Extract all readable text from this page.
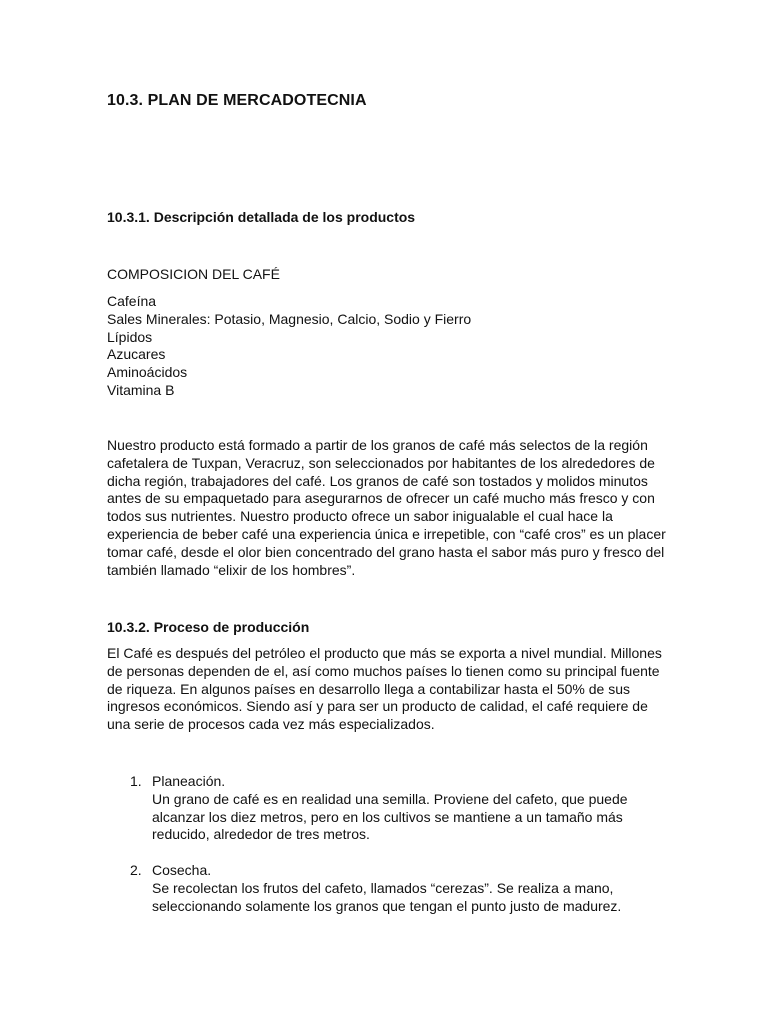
10.3. PLAN DE MERCADOTECNIA
10.3.1. Descripción detallada de los productos

COMPOSICION DEL CAFÉ

Cafeína
Sales Minerales: Potasio, Magnesio, Calcio, Sodio y Fierro
Lípidos
Azucares
Aminoácidos
Vitamina B
Nuestro producto está formado a partir de los granos de café más selectos de la región
cafetalera de Tuxpan, Veracruz, son seleccionados por habitantes de los alrededores de
dicha región, trabajadores del café. Los granos de café son tostados y molidos minutos
antes de su empaquetado para asegurarnos de ofrecer un café mucho más fresco y con
todos sus nutrientes. Nuestro producto ofrece un sabor inigualable el cual hace la
experiencia de beber café una experiencia única e irrepetible, con “café cros” es un placer
tomar café, desde el olor bien concentrado del grano hasta el sabor más puro y fresco del
también llamado “elixir de los hombres”.
10.3.2. Proceso de producción
El Café es después del petróleo el producto que más se exporta a nivel mundial. Millones
de personas dependen de el, así como muchos países lo tienen como su principal fuente
de riqueza. En algunos países en desarrollo llega a contabilizar hasta el 50% de sus
ingresos económicos. Siendo así y para ser un producto de calidad, el café requiere de
una serie de procesos cada vez más especializados.
1. Planeación.
Un grano de café es en realidad una semilla. Proviene del cafeto, que puede
alcanzar los diez metros, pero en los cultivos se mantiene a un tamaño más
reducido, alrededor de tres metros.
2. Cosecha.
Se recolectan los frutos del cafeto, llamados “cerezas”. Se realiza a mano,
seleccionando solamente los granos que tengan el punto justo de madurez.
